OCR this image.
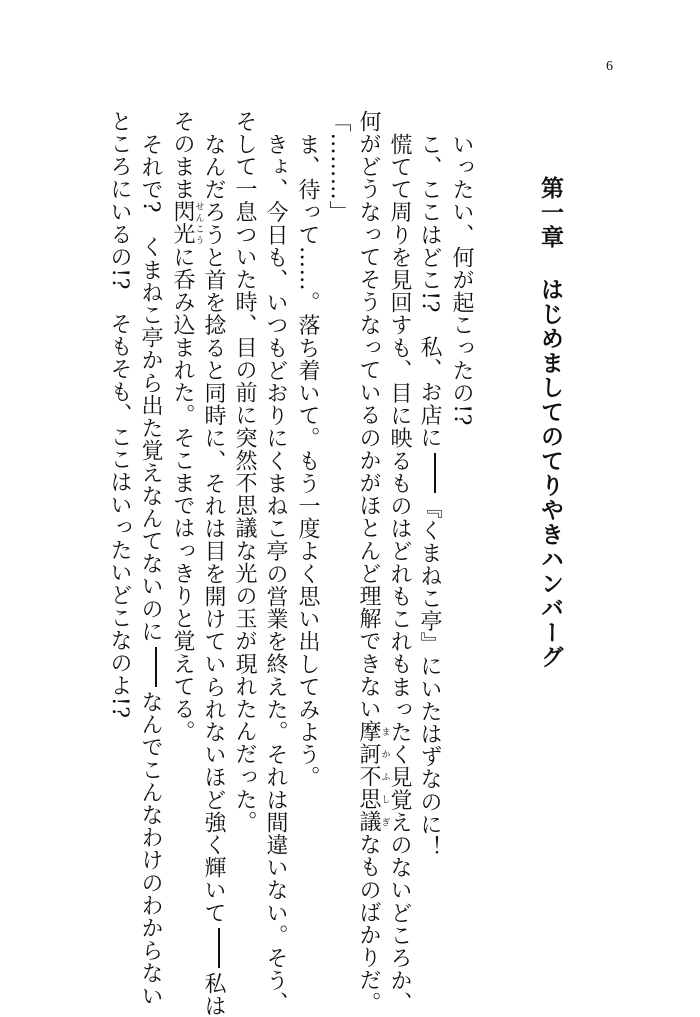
6
第一章はじめましてのてりやきハンバーグ
いったい、何が起こったの!?
こ、ここはどこ!?　私、お店に『くまねこ亭』にいたはずなのに！
慌てて周りを見回すも、目に映るものはどれもこれもまったく見覚えのないどころか、
何がどうなってそうなっているのかがほとんど理解できない摩訶まか不思議ふしぎなものばかりだ。
「………」
ま、待って……。落ち着いて。もう一度よく思い出してみよう。
きょ、今日も、いつもどおりにくまねこ亭の営業を終えた。それは間違いない。そう、
そして一息ついた時、目の前に突然不思議な光の玉が現れたんだった。
なんだろうと首を捻ると同時に、それは目を開けていられないほど強く輝いて私は
そのまま閃光せんこうに呑み込まれた。そこまではっきりと覚えてる。
それで?　くまねこ亭から出た覚えなんてないのになんでこんなわけのわからない
ところにいるの!?　そもそも、ここはいったいどこなのよ!?
